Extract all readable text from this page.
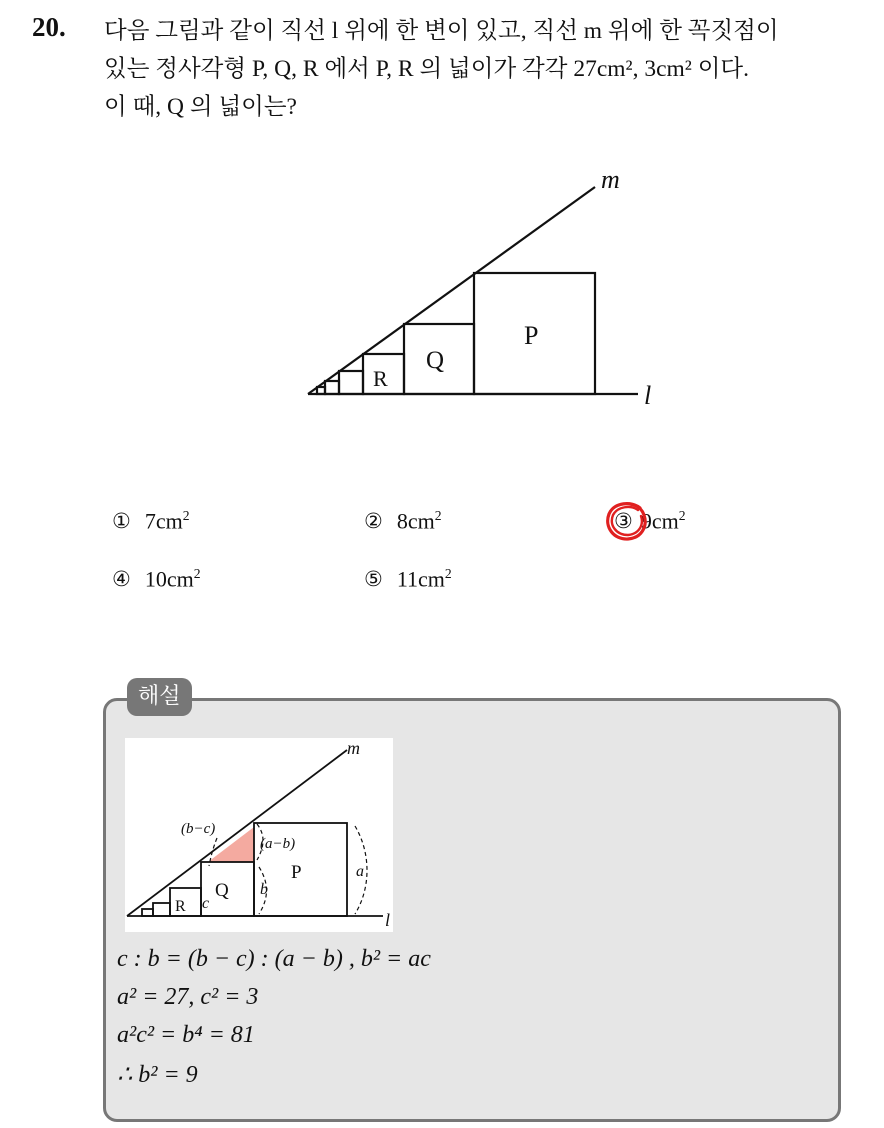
20. 다음 그림과 같이 직선 l 위에 한 변이 있고, 직선 m 위에 한 꼭짓점이
있는 정사각형 P, Q, R 에서 P, R 의 넓이가 각각 27cm², 3cm² 이다.
이 때, Q 의 넓이는?
m
l
P
Q
R
① $7cm^2$	② $8cm^2$	③ $9cm^2$
④ $10cm^2$	⑤ $11cm^2$
해설
m
l
P
Q
R
(b−c)
(a−b)
a
b
c
c : b = (b − c) : (a − b) , b² = ac
a² = 27, c² = 3
a²c² = b⁴ = 81
∴ b² = 9
